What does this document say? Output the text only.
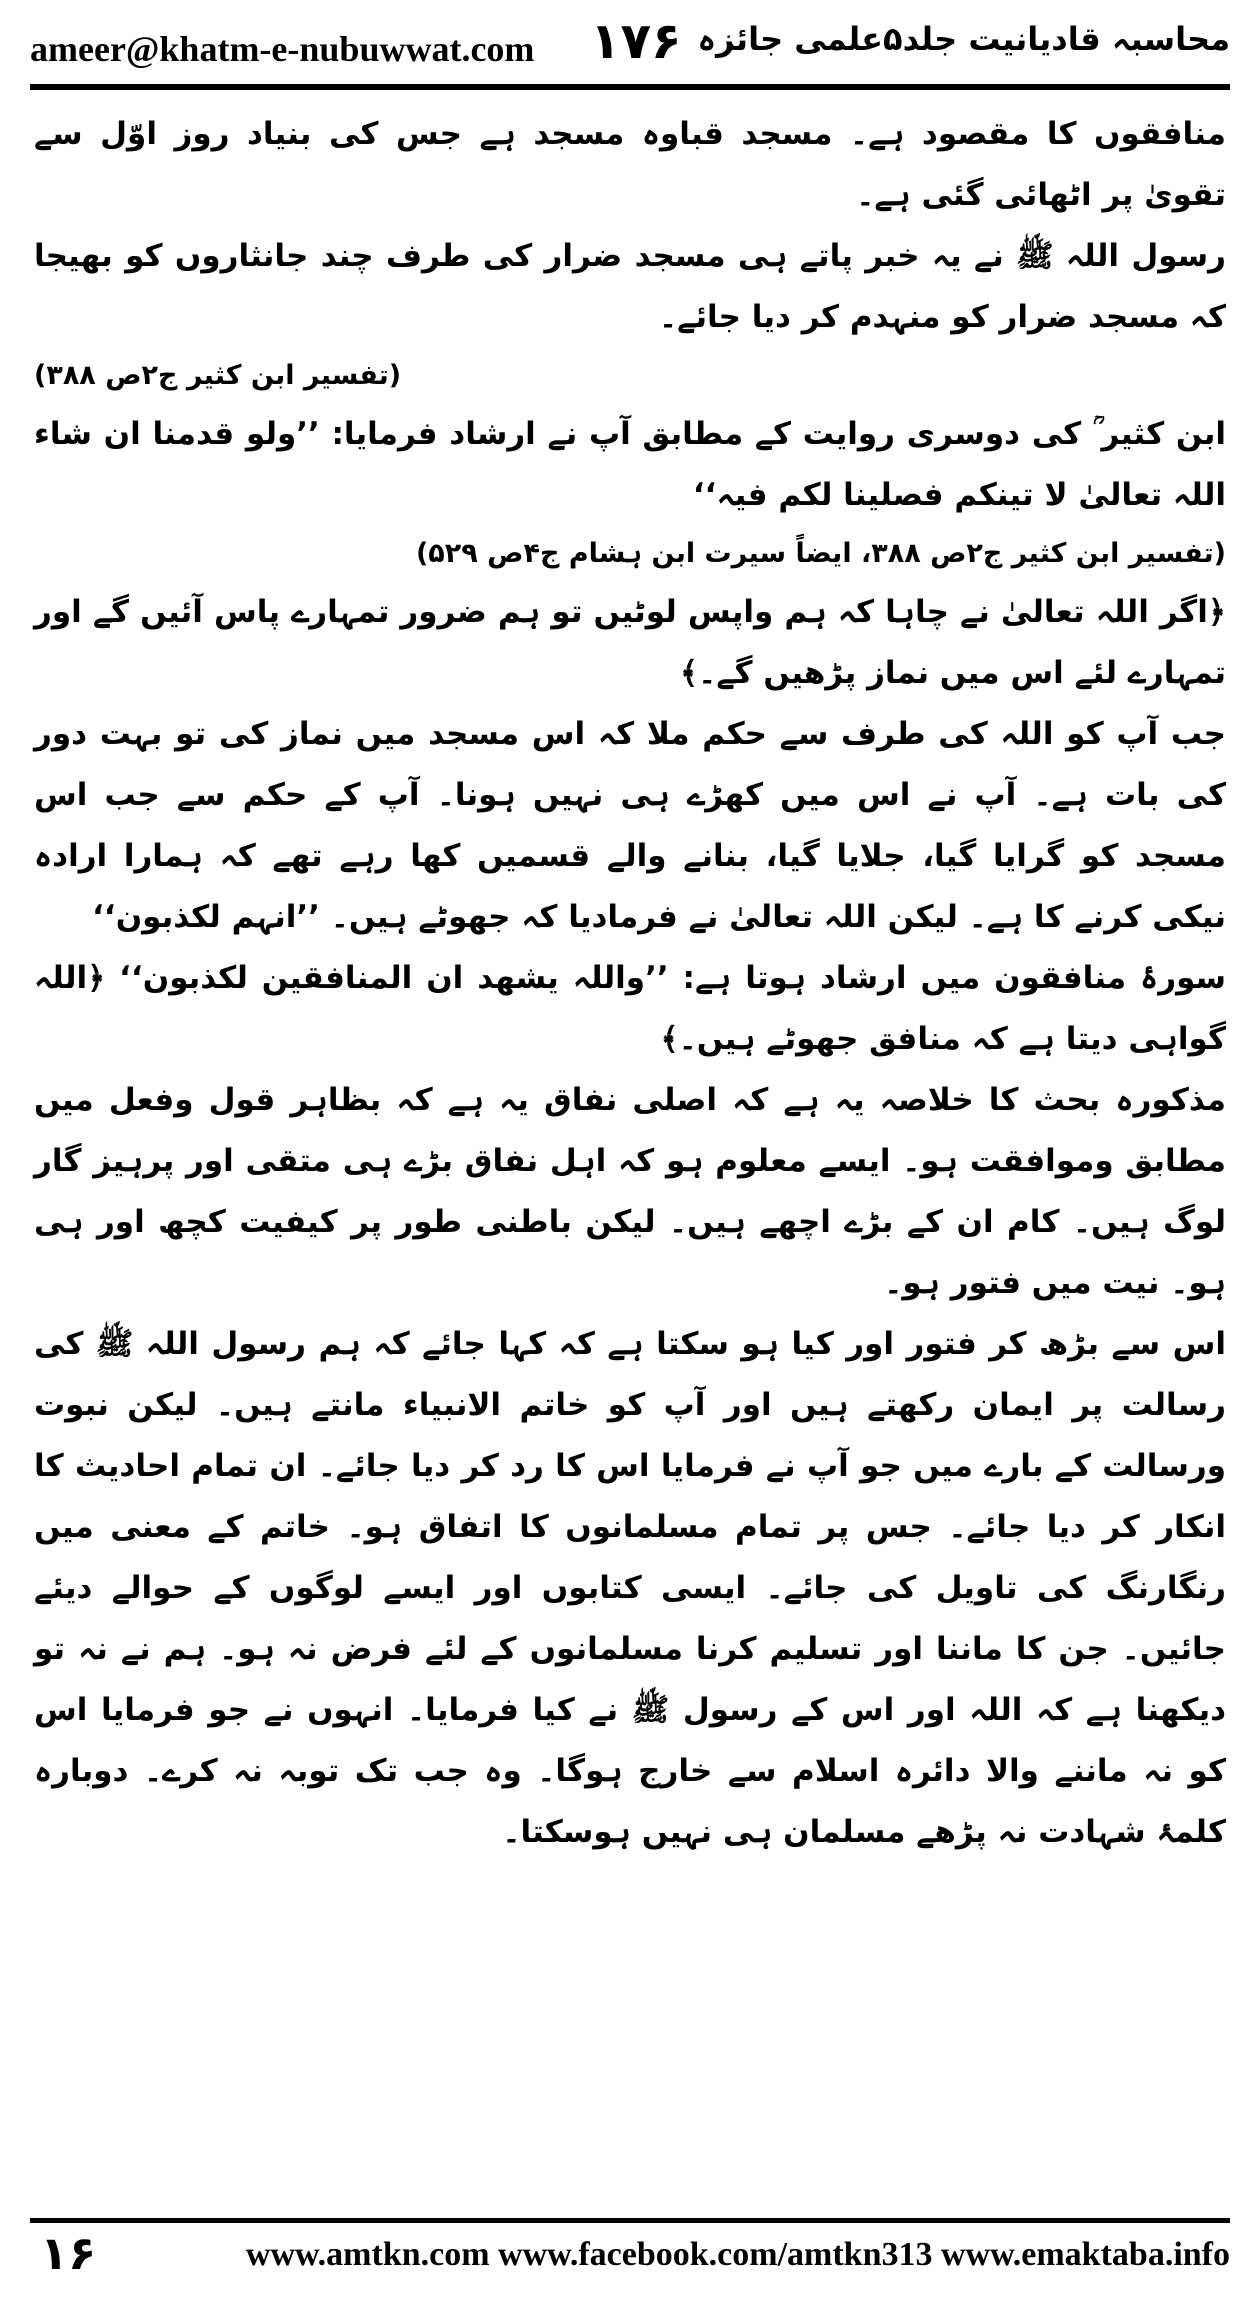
ameer@khatm-e-nubuwwat.com ۱۷۶ محاسبہ قادیانیت جلد۵علمی جائزہ

منافقوں کا مقصود ہے۔ مسجد قباوہ مسجد ہے جس کی بنیاد روز اوّل سے تقویٰ پر اٹھائی گئی ہے۔

رسول اللہ ﷺ نے یہ خبر پاتے ہی مسجد ضرار کی طرف چند جانثاروں کو بھیجا کہ مسجد ضرار کو منہدم کر دیا جائے۔

(تفسیر ابن کثیر ج۲ص ۳۸۸)

ابن کثیر ؒ کی دوسری روایت کے مطابق آپ نے ارشاد فرمایا: ’’ولو قدمنا ان شاء اللہ تعالیٰ لا تینکم فصلینا لکم فیہ‘‘

(تفسیر ابن کثیر ج۲ص ۳۸۸، ایضاً سیرت ابن ہشام ج۴ص ۵۲۹)

﴿اگر اللہ تعالیٰ نے چاہا کہ ہم واپس لوٹیں تو ہم ضرور تمہارے پاس آئیں گے اور تمہارے لئے اس میں نماز پڑھیں گے۔﴾

جب آپ کو اللہ کی طرف سے حکم ملا کہ اس مسجد میں نماز کی تو بہت دور کی بات ہے۔ آپ نے اس میں کھڑے ہی نہیں ہونا۔ آپ کے حکم سے جب اس مسجد کو گرایا گیا، جلایا گیا، بنانے والے قسمیں کھا رہے تھے کہ ہمارا ارادہ نیکی کرنے کا ہے۔ لیکن اللہ تعالیٰ نے فرمادیا کہ جھوٹے ہیں۔ ’’انہم لکذبون‘‘

سورۂ منافقون میں ارشاد ہوتا ہے: ’’واللہ یشھد ان المنافقین لکذبون‘‘ ﴿اللہ گواہی دیتا ہے کہ منافق جھوٹے ہیں۔﴾

مذکورہ بحث کا خلاصہ یہ ہے کہ اصلی نفاق یہ ہے کہ بظاہر قول وفعل میں مطابق وموافقت ہو۔ ایسے معلوم ہو کہ اہل نفاق بڑے ہی متقی اور پرہیز گار لوگ ہیں۔ کام ان کے بڑے اچھے ہیں۔ لیکن باطنی طور پر کیفیت کچھ اور ہی ہو۔ نیت میں فتور ہو۔

اس سے بڑھ کر فتور اور کیا ہو سکتا ہے کہ کہا جائے کہ ہم رسول اللہ ﷺ کی رسالت پر ایمان رکھتے ہیں اور آپ کو خاتم الانبیاء مانتے ہیں۔ لیکن نبوت ورسالت کے بارے میں جو آپ نے فرمایا اس کا رد کر دیا جائے۔ ان تمام احادیث کا انکار کر دیا جائے۔ جس پر تمام مسلمانوں کا اتفاق ہو۔ خاتم کے معنی میں رنگارنگ کی تاویل کی جائے۔ ایسی کتابوں اور ایسے لوگوں کے حوالے دیئے جائیں۔ جن کا ماننا اور تسلیم کرنا مسلمانوں کے لئے فرض نہ ہو۔ ہم نے نہ تو دیکھنا ہے کہ اللہ اور اس کے رسول ﷺ نے کیا فرمایا۔ انہوں نے جو فرمایا اس کو نہ ماننے والا دائرہ اسلام سے خارج ہوگا۔ وہ جب تک توبہ نہ کرے۔ دوبارہ کلمۂ شہادت نہ پڑھے مسلمان ہی نہیں ہوسکتا۔

۱۶	www.amtkn.com www.facebook.com/amtkn313 www.emaktaba.info
